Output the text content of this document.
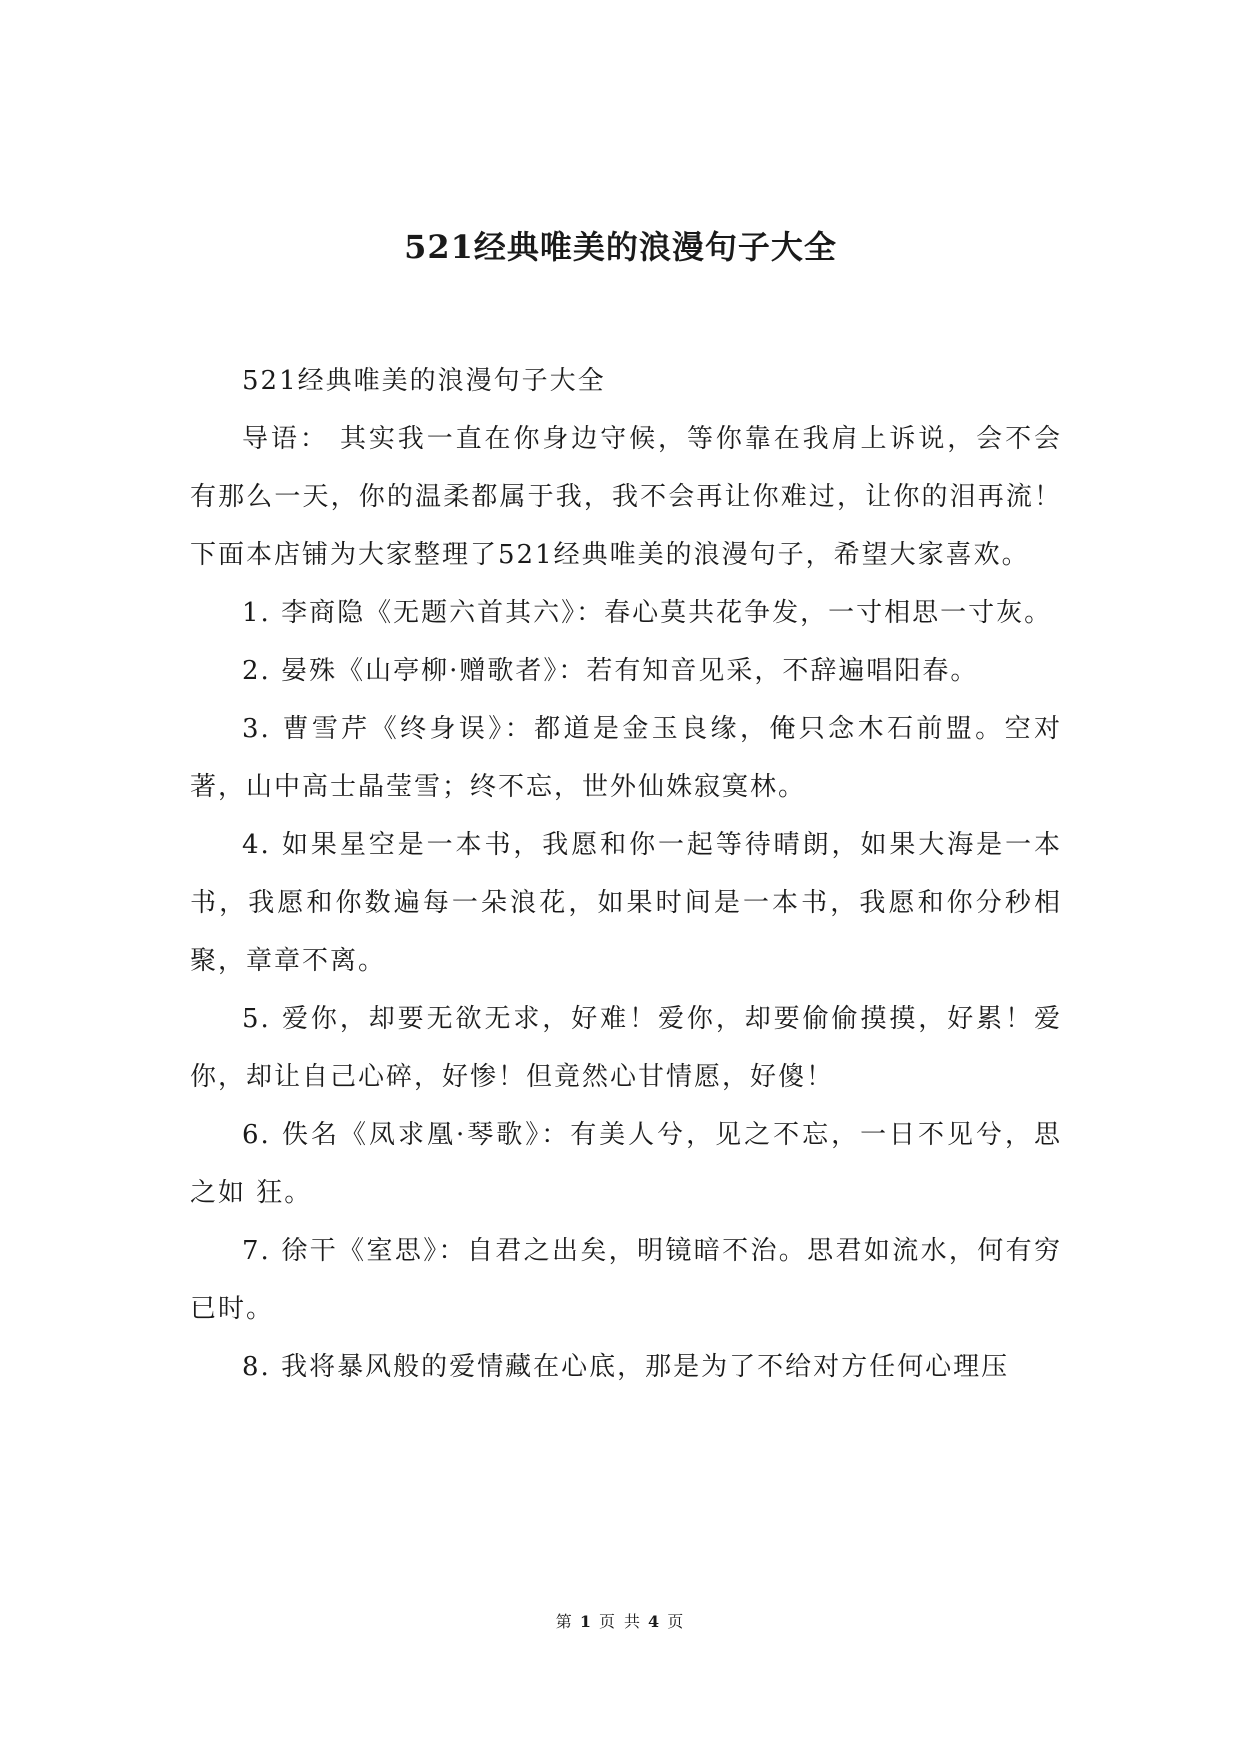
521经典唯美的浪漫句子大全

521经典唯美的浪漫句子大全

导语： 其实我一直在你身边守候，等你靠在我肩上诉说，会不会有那么一天，你的温柔都属于我，我不会再让你难过，让你的泪再流！下面本店铺为大家整理了521经典唯美的浪漫句子，希望大家喜欢。

1. 李商隐《无题六首其六》：春心莫共花争发，一寸相思一寸灰。

2. 晏殊《山亭柳·赠歌者》：若有知音见采，不辞遍唱阳春。

3. 曹雪芹《终身误》：都道是金玉良缘，俺只念木石前盟。空对著，山中高士晶莹雪；终不忘，世外仙姝寂寞林。

4. 如果星空是一本书，我愿和你一起等待晴朗，如果大海是一本书，我愿和你数遍每一朵浪花，如果时间是一本书，我愿和你分秒相聚，章章不离。

5. 爱你，却要无欲无求，好难！爱你，却要偷偷摸摸，好累！爱你，却让自己心碎，好惨！但竟然心甘情愿，好傻！

6. 佚名《凤求凰·琴歌》：有美人兮，见之不忘，一日不见兮，思之如 狂。

7. 徐干《室思》：自君之出矣，明镜暗不治。思君如流水，何有穷已时。

8. 我将暴风般的爱情藏在心底，那是为了不给对方任何心理压

第 1 页 共 4 页
